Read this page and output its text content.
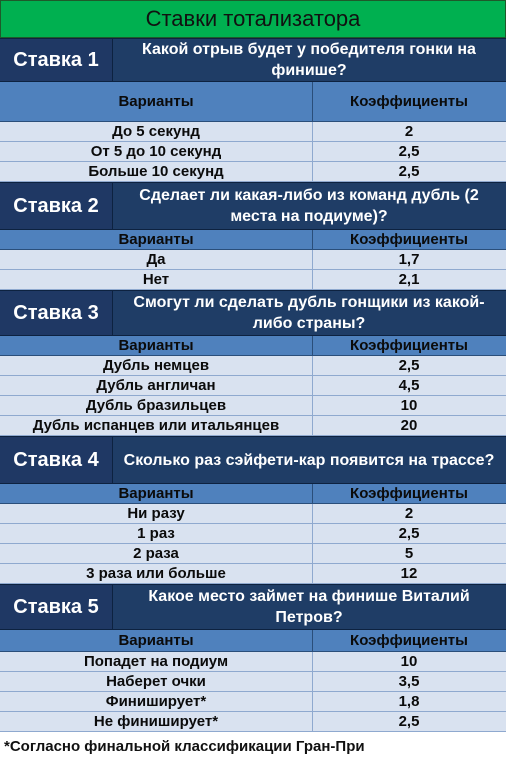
Ставки тотализатора
Ставка 1	Какой отрыв будет у победителя гонки на финише?
Варианты	Коэффициенты
До 5 секунд	2
От 5 до 10 секунд	2,5
Больше 10 секунд	2,5
Ставка 2	Сделает ли какая-либо из команд дубль (2 места на подиуме)?
Варианты	Коэффициенты
Да	1,7
Нет	2,1
Ставка 3	Смогут ли сделать дубль гонщики из какой-либо страны?
Варианты	Коэффициенты
Дубль немцев	2,5
Дубль англичан	4,5
Дубль бразильцев	10
Дубль испанцев или итальянцев	20
Ставка 4	Сколько раз сэйфети-кар появится на трассе?
Варианты	Коэффициенты
Ни разу	2
1 раз	2,5
2 раза	5
3 раза или больше	12
Ставка 5	Какое место займет на финише Виталий Петров?
Варианты	Коэффициенты
Попадет на подиум	10
Наберет очки	3,5
Финиширует*	1,8
Не финиширует*	2,5
*Согласно финальной классификации Гран-При
